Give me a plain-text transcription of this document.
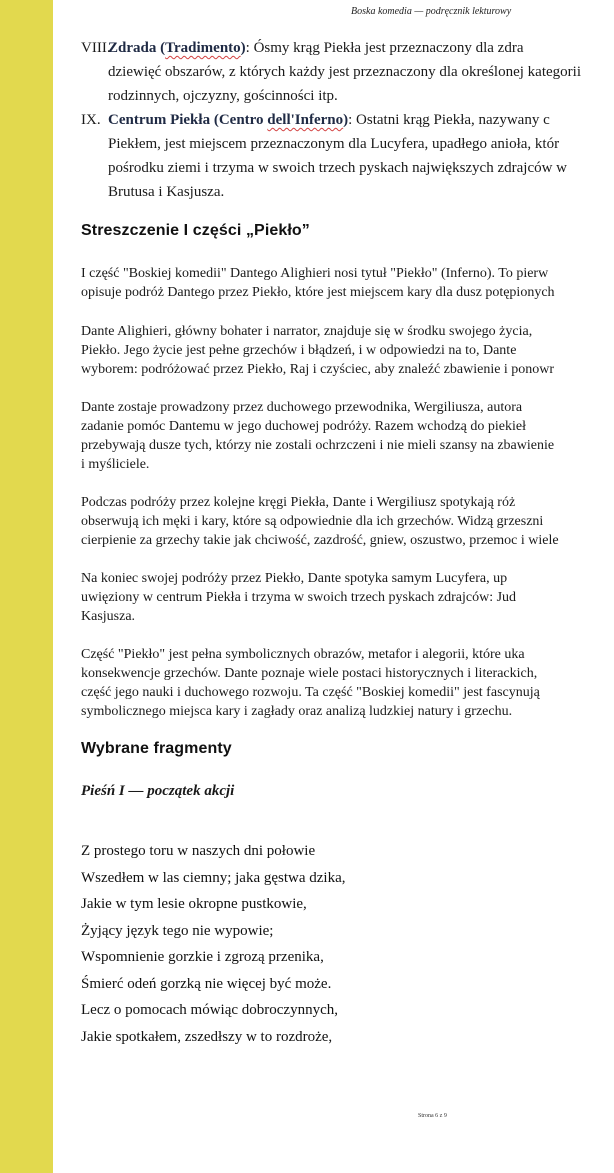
Boska komedia — podręcznik lekturowy
VIII.
Zdrada (Tradimento): Ósmy krąg Piekła jest przeznaczony dla zdra
dziewięć obszarów, z których każdy jest przeznaczony dla określonej kategorii
rodzinnych, ojczyzny, gościnności itp.
IX. Centrum Piekła (Centro dell'Inferno): Ostatni krąg Piekła, nazywany c
Piekłem, jest miejscem przeznaczonym dla Lucyfera, upadłego anioła, któr
pośrodku ziemi i trzyma w swoich trzech pyskach największych zdrajców w
Brutusa i Kasjusza.
Streszczenie I części „Piekło”
I część "Boskiej komedii" Dantego Alighieri nosi tytuł "Piekło" (Inferno). To pierw
opisuje podróż Dantego przez Piekło, które jest miejscem kary dla dusz potępionych
Dante Alighieri, główny bohater i narrator, znajduje się w środku swojego życia,
Piekło. Jego życie jest pełne grzechów i błądzeń, i w odpowiedzi na to, Dante
wyborem: podróżować przez Piekło, Raj i czyściec, aby znaleźć zbawienie i ponowr
Dante zostaje prowadzony przez duchowego przewodnika, Wergiliusza, autora
zadanie pomóc Dantemu w jego duchowej podróży. Razem wchodzą do piekieł
przebywają dusze tych, którzy nie zostali ochrzczeni i nie mieli szansy na zbawienie
i myśliciele.
Podczas podróży przez kolejne kręgi Piekła, Dante i Wergiliusz spotykają róż
obserwują ich męki i kary, które są odpowiednie dla ich grzechów. Widzą grzeszni
cierpienie za grzechy takie jak chciwość, zazdrość, gniew, oszustwo, przemoc i wiele
Na koniec swojej podróży przez Piekło, Dante spotyka samym Lucyfera, up
uwięziony w centrum Piekła i trzyma w swoich trzech pyskach zdrajców: Jud
Kasjusza.
Część "Piekło" jest pełna symbolicznych obrazów, metafor i alegorii, które uka
konsekwencje grzechów. Dante poznaje wiele postaci historycznych i literackich,
część jego nauki i duchowego rozwoju. Ta część "Boskiej komedii" jest fascynują
symbolicznego miejsca kary i zagłady oraz analizą ludzkiej natury i grzechu.
Wybrane fragmenty
Pieśń I — początek akcji
Z prostego toru w naszych dni połowie
Wszedłem w las ciemny; jaka gęstwa dzika,
Jakie w tym lesie okropne pustkowie,
Żyjący język tego nie wypowie;
Wspomnienie gorzkie i zgrozą przenika,
Śmierć odeń gorzką nie więcej być może.
Lecz o pomocach mówiąc dobroczynnych,
Jakie spotkałem, zszedłszy w to rozdroże,
Strona 6 z 9
